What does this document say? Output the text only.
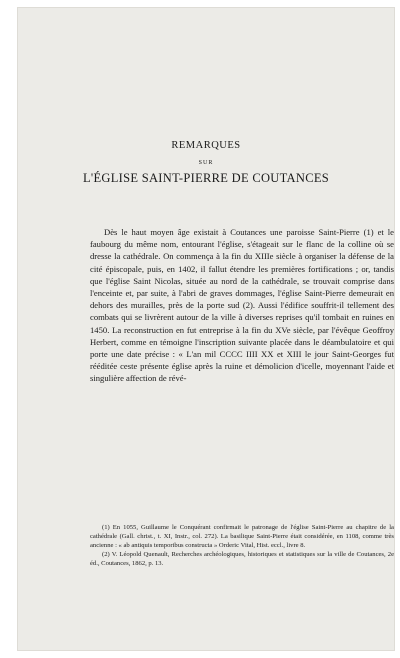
REMARQUES
SUR
L'ÉGLISE SAINT-PIERRE DE COUTANCES

Dès le haut moyen âge existait à Coutances une paroisse Saint-Pierre (1) et le faubourg du même nom, entourant l'église, s'étageait sur le flanc de la colline où se dresse la cathédrale. On commença à la fin du XIIIe siècle à organiser la défense de la cité épiscopale, puis, en 1402, il fallut étendre les premières fortifications ; or, tandis que l'église Saint Nicolas, située au nord de la cathédrale, se trouvait comprise dans l'enceinte et, par suite, à l'abri de graves dommages, l'église Saint-Pierre demeurait en dehors des murailles, près de la porte sud (2). Aussi l'édifice souffrit-il tellement des combats qui se livrèrent autour de la ville à diverses reprises qu'il tombait en ruines en 1450. La reconstruction en fut entreprise à la fin du XVe siècle, par l'évêque Geoffroy Herbert, comme en témoigne l'inscription suivante placée dans le déambulatoire et qui porte une date précise : « L'an mil CCCC IIII XX et XIII le jour Saint-Georges fut rééditée ceste présente église après la ruine et démolicion d'icelle, moyennant l'aide et singulière affection de révé-

(1) En 1055, Guillaume le Conquérant confirmait le patronage de l'église Saint-Pierre au chapitre de la cathédrale (Gall. christ., t. XI, Instr., col. 272). La basilique Saint-Pierre était considérée, en 1108, comme très ancienne : « ab antiquis temporibus constructa » Orderic Vital, Hist. eccl., livre 8.

(2) V. Léopold Quenault, Recherches archéologiques, historiques et statistiques sur la ville de Coutances, 2e éd., Coutances, 1862, p. 13.
